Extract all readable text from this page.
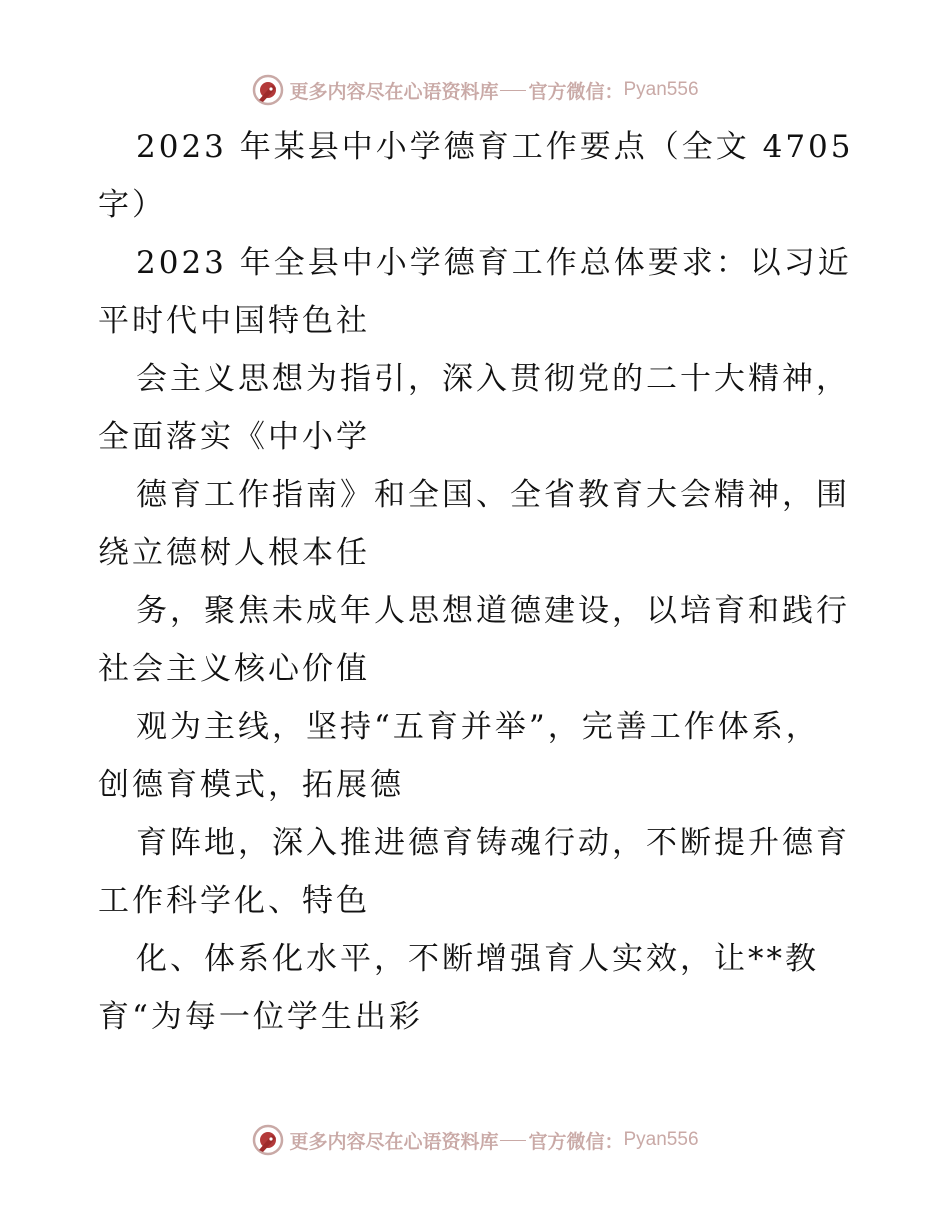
更多内容尽在心语资料库 官方微信： Pyan556
2023 年某县中小学德育工作要点（全文 4705
字）
2023 年全县中小学德育工作总体要求：以习近
平时代中国特色社
会主义思想为指引，深入贯彻党的二十大精神，
全面落实《中小学
德育工作指南》和全国、全省教育大会精神，围
绕立德树人根本任
务，聚焦未成年人思想道德建设，以培育和践行
社会主义核心价值
观为主线，坚持“五育并举”，完善工作体系，
创德育模式，拓展德
育阵地，深入推进德育铸魂行动，不断提升德育
工作科学化、特色
化、体系化水平，不断增强育人实效，让**教
育“为每一位学生出彩
更多内容尽在心语资料库 官方微信： Pyan556
